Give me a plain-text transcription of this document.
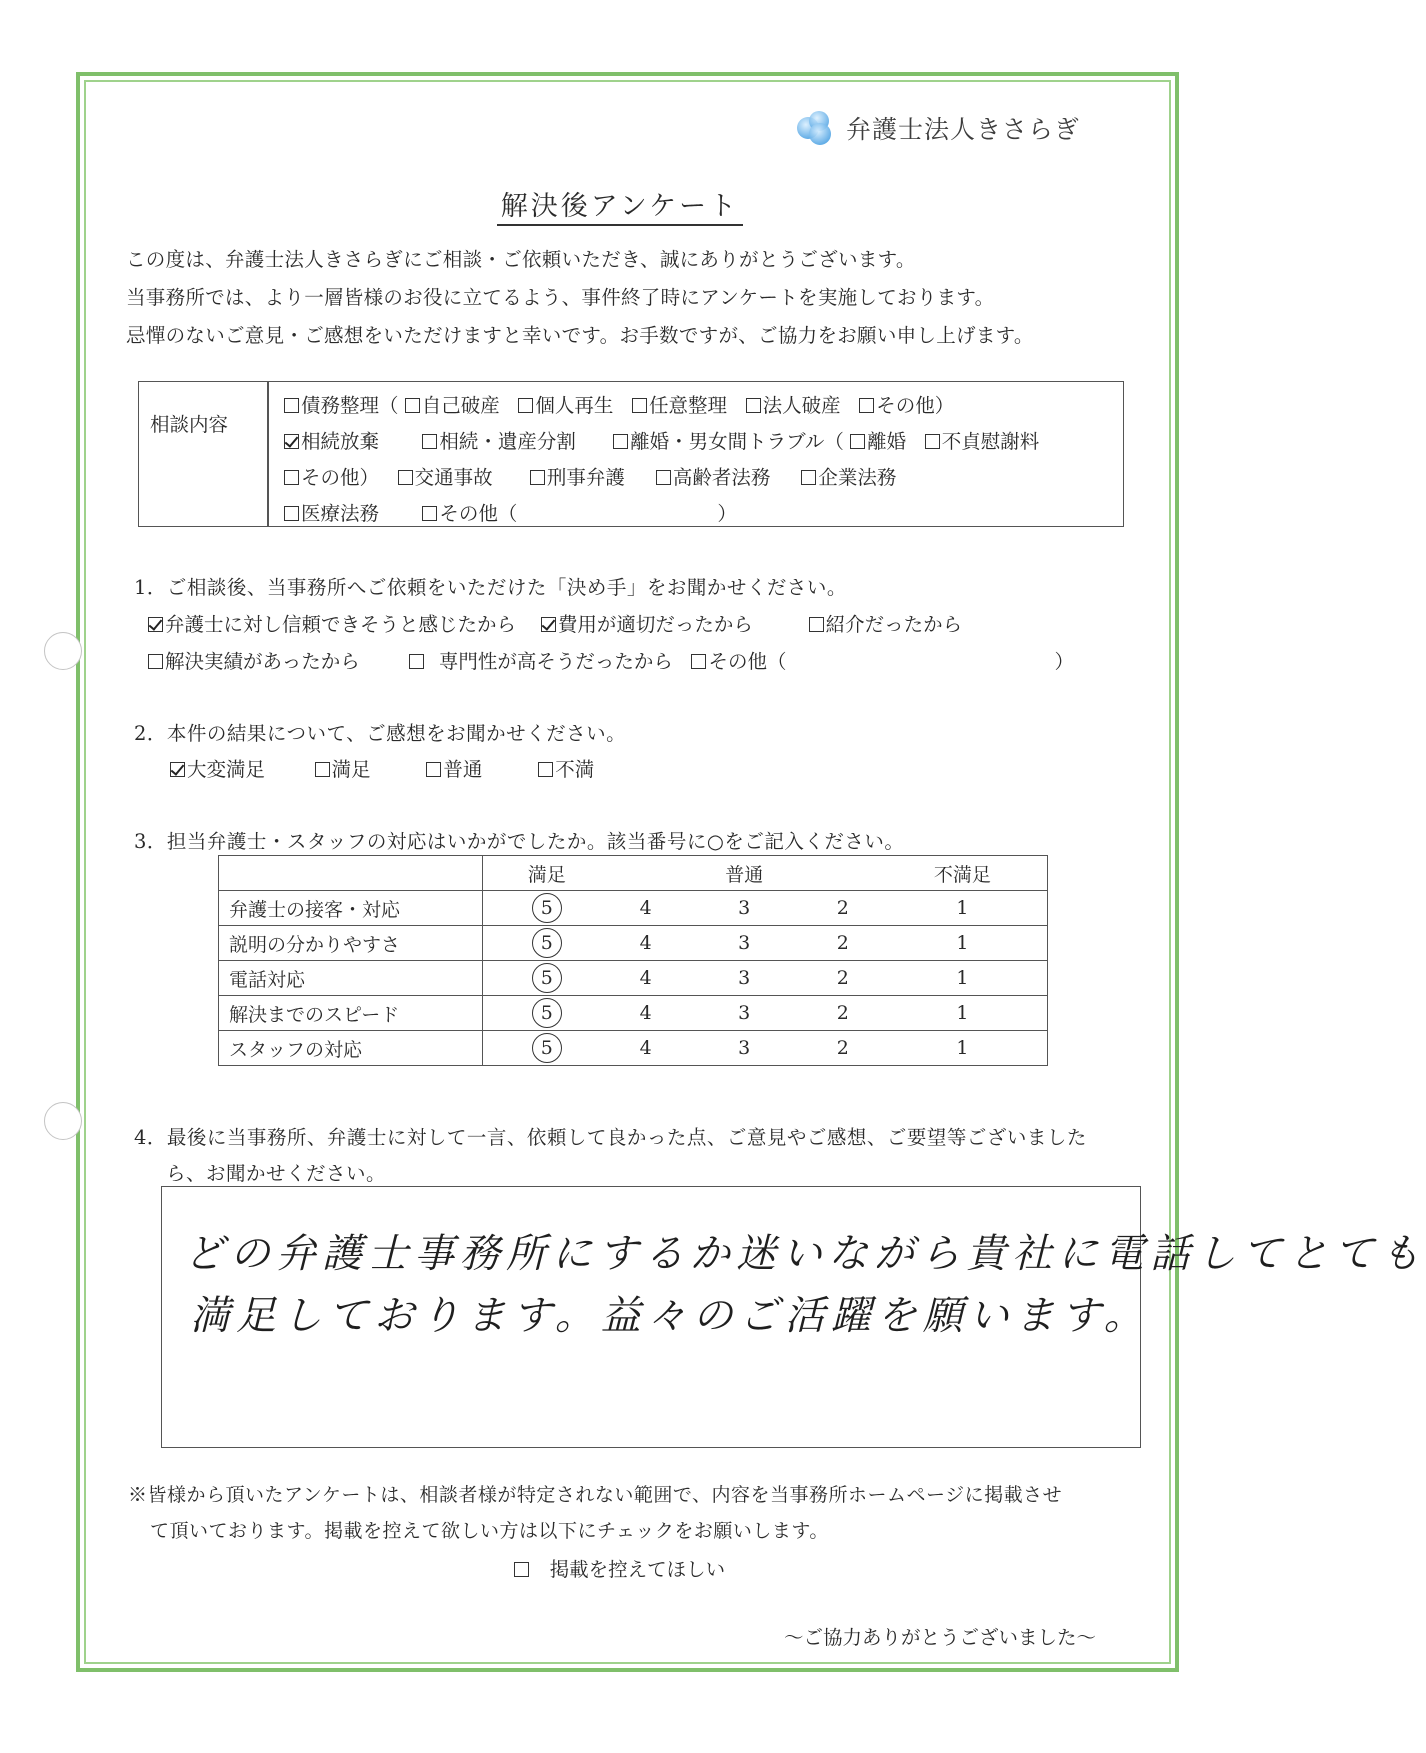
弁護士法人きさらぎ
解決後アンケート
この度は、弁護士法人きさらぎにご相談・ご依頼いただき、誠にありがとうございます。
当事務所では、より一層皆様のお役に立てるよう、事件終了時にアンケートを実施しております。
忌憚のないご意見・ご感想をいただけますと幸いです。お手数ですが、ご協力をお願い申し上げます。
相談内容
債務整理（ 自己破産 個人再生 任意整理 法人破産 その他）
相続放棄	相続・遺産分割	離婚・男女間トラブル（ 離婚 不貞慰謝料
その他） 交通事故	刑事弁護 高齢者法務 企業法務
医療法務	その他（	）
1．ご相談後、当事務所へご依頼をいただけた「決め手」をお聞かせください。
弁護士に対し信頼できそうと感じたから 費用が適切だったから	紹介だったから
解決実績があったから	専門性が高そうだったから その他（	）
2．本件の結果について、ご感想をお聞かせください。
大変満足	満足	普通	不満
3．担当弁護士・スタッフの対応はいかがでしたか。該当番号に○をご記入ください。
	満足		普通		不満足
弁護士の接客・対応	5	4	3	2	1
説明の分かりやすさ	5	4	3	2	1
電話対応	5	4	3	2	1
解決までのスピード	5	4	3	2	1
スタッフの対応	5	4	3	2	1
4．最後に当事務所、弁護士に対して一言、依頼して良かった点、ご意見やご感想、ご要望等ございました
ら、お聞かせください。
どの弁護士事務所にするか迷いながら貴社に電話してとても
満足しております。益々のご活躍を願います。
※皆様から頂いたアンケートは、相談者様が特定されない範囲で、内容を当事務所ホームページに掲載させ
て頂いております。掲載を控えて欲しい方は以下にチェックをお願いします。
掲載を控えてほしい
～ご協力ありがとうございました～
